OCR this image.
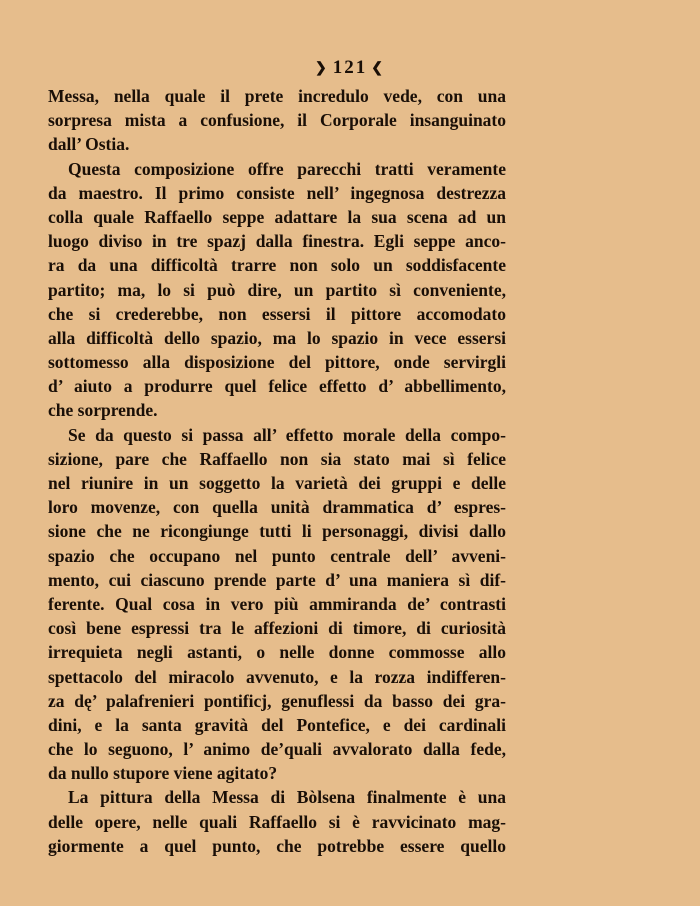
❯ 121 ❮
Messa, nella quale il prete incredulo vede, con una
sorpresa mista a confusione, il Corporale insanguinato
dall’ Ostia.
Questa composizione offre parecchi tratti veramente
da maestro. Il primo consiste nell’ ingegnosa destrezza
colla quale Raffaello seppe adattare la sua scena ad un
luogo diviso in tre spazj dalla finestra. Egli seppe anco-
ra da una difficoltà trarre non solo un soddisfacente
partito; ma, lo si può dire, un partito sì conveniente,
che si crederebbe, non essersi il pittore accomodato
alla difficoltà dello spazio, ma lo spazio in vece essersi
sottomesso alla disposizione del pittore, onde servirgli
d’ aiuto a produrre quel felice effetto d’ abbellimento,
che sorprende.
Se da questo si passa all’ effetto morale della compo-
sizione, pare che Raffaello non sia stato mai sì felice
nel riunire in un soggetto la varietà dei gruppi e delle
loro movenze, con quella unità drammatica d’ espres-
sione che ne ricongiunge tutti li personaggi, divisi dallo
spazio che occupano nel punto centrale dell’ avveni-
mento, cui ciascuno prende parte d’ una maniera sì dif-
ferente. Qual cosa in vero più ammiranda de’ contrasti
così bene espressi tra le affezioni di timore, di curiosità
irrequieta negli astanti, o nelle donne commosse allo
spettacolo del miracolo avvenuto, e la rozza indifferen-
za dę’ palafrenieri pontificj, genuflessi da basso dei gra-
dini, e la santa gravità del Pontefice, e dei cardinali
che lo seguono, l’ animo de’quali avvalorato dalla fede,
da nullo stupore viene agitato?
La pittura della Messa di Bòlsena finalmente è una
delle opere, nelle quali Raffaello si è ravvicinato mag-
giormente a quel punto, che potrebbe essere quello
